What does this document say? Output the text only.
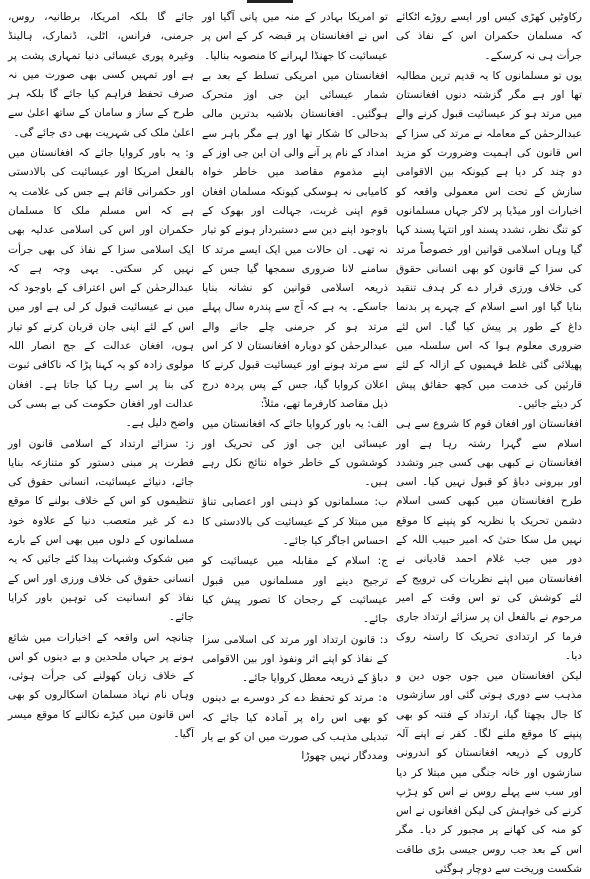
رکاوٹیں کھڑی کیس اور ایسے روڑے اٹکائے کہ مسلمان حکمران اس کے نفاذ کی جرأت ہی نہ کرسکے۔

یوں تو مسلمانوں کا یہ قدیم ترین مطالبہ تھا اور ہے مگر گزشتہ دنوں افغانستان میں مرتد ہو کر عیسائیت قبول کرنے والے عبدالرحمٰن کے معاملہ نے مرتد کی سزا کے اس قانون کی اہمیت وضرورت کو مزید دو چند کر دیا ہے کیونکہ بین الاقوامی سازش کے تحت اس معمولی واقعہ کو اخبارات اور میڈیا پر لاکر جہاں مسلمانوں کو تنگ نظر، تشدد پسند اور انتہا پسند کہا گیا وہاں اسلامی قوانین اور خصوصاً مرتد کی سزا کے قانون کو بھی انسانی حقوق کی خلاف ورزی قرار دے کر ہدف تنقید بنایا گیا اور اسے اسلام کے چہرے پر بدنما داغ کے طور پر پیش کیا گیا۔ اس لئے ضروری معلوم ہوا کہ اس سلسلہ میں پھیلائی گئی غلط فہمیوں کے ازالہ کے لئے قارئین کی خدمت میں کچھ حقائق پیش کر دیئے جائیں۔

افغانستان اور افغان قوم کا شروع سے ہی اسلام سے گہرا رشتہ رہا ہے اور افغانستان نے کبھی بھی کسی جبر وتشدد اور بیرونی دباؤ کو قبول نہیں کیا۔ اسی طرح افغانستان میں کبھی کسی اسلام دشمن تحریک یا نظریہ کو پنپنے کا موقع نہیں مل سکا حتیٰ کہ امیر حبیب اللہ کے دور میں جب غلام احمد قادیانی نے افغانستان میں اپنے نظریات کی ترویج کے لئے کوشش کی تو اس وقت کے امیر مرحوم نے بالفعل ان پر سزائے ارتداد جاری فرما کر ارتدادی تحریک کا راستہ روک دیا۔

لیکن افغانستان میں جوں جوں دین و مذہب سے دوری ہوتی گئی اور سازشوں کا جال بچھتا گیا، ارتداد کے فتنہ کو بھی پنپنے کا موقع ملنے لگا۔ کفر نے اپنے آلہ کاروں کے ذریعہ افغانستان کو اندرونی سازشوں اور خانہ جنگی میں مبتلا کر دیا اور سب سے پہلے روس نے اس کو ہڑپ کرنے کی خواہش کی لیکن افغانوں نے اس کو منہ کی کھانے پر مجبور کر دیا۔ مگر اس کے بعد جب روس جیسی بڑی طاقت شکست وریخت سے دوچار ہوگئی

تو امریکا بہادر کے منہ میں پانی آگیا اور اس نے افغانستان پر قبضہ کر کے اس پر عیسائیت کا جھنڈا لہرانے کا منصوبہ بنالیا۔

افغانستان میں امریکی تسلط کے بعد بے شمار عیسائی این جی اوز متحرک ہوگئیں۔ افغانستان بلاشبہ بدترین مالی بدحالی کا شکار تھا اور ہے مگر باہر سے امداد کے نام پر آنے والی ان این جی اوز کے اپنے مذموم مقاصد میں خاطر خواہ کامیابی نہ ہوسکی کیونکہ مسلمان افغان قوم اپنی غربت، جہالت اور بھوک کے باوجود اپنے دین سے دستبردار ہونے کو تیار نہ تھی۔ ان حالات میں ایک ایسے مرتد کا سامنے لانا ضروری سمجھا گیا جس کے ذریعہ اسلامی قوانین کو نشانہ بنایا جاسکے۔ یہ ہے کہ آج سے پندرہ سال پہلے مرتد ہو کر جرمنی چلے جانے والے عبدالرحمٰن کو دوبارہ افغانستان لا کر اس سے مرتد ہونے اور عیسائیت قبول کرنے کا اعلان کروایا گیا، جس کے پس پردہ درج ذیل مقاصد کارفرما تھے، مثلاً:

الف: یہ باور کروایا جائے کہ افغانستان میں عیسائی این جی اوز کی تحریک اور کوششوں کے خاطر خواہ نتائج نکل رہے ہیں۔

ب: مسلمانوں کو ذہنی اور اعصابی تناؤ میں مبتلا کر کے عیسائیت کی بالادستی کا احساس اجاگر کیا جائے۔

ج: اسلام کے مقابلہ میں عیسائیت کو ترجیح دینے اور مسلمانوں میں قبول عیسائیت کے رجحان کا تصور پیش کیا جائے۔

د: قانون ارتداد اور مرتد کی اسلامی سزا کے نفاذ کو اپنے اثر ونفوذ اور بین الاقوامی دباؤ کے ذریعہ معطل کروایا جائے۔

ہ: مرتد کو تحفظ دے کر دوسرے بے دینوں کو بھی اس راہ پر آمادہ کیا جائے کہ تبدیلی مذہب کی صورت میں ان کو بے یار ومددگار نہیں چھوڑا

جائے گا بلکہ امریکا، برطانیہ، روس، جرمنی، فرانس، اٹلی، ڈنمارک، ہالینڈ وغیرہ پوری عیسائی دنیا تمہاری پشت پر ہے اور تمہیں کسی بھی صورت میں نہ صرف تحفظ فراہم کیا جائے گا بلکہ ہر طرح کے ساز و سامان کے ساتھ اعلیٰ سے اعلیٰ ملک کی شہریت بھی دی جائے گی۔

و: یہ باور کروایا جائے کہ افغانستان میں بالفعل امریکا اور عیسائیت کی بالادستی اور حکمرانی قائم ہے جس کی علامت یہ ہے کہ اس مسلم ملک کا مسلمان حکمران اور اس کی اسلامی عدلیہ بھی ایک اسلامی سزا کے نفاذ کی بھی جرأت نہیں کر سکتی۔ یہی وجہ ہے کہ عبدالرحمٰن کے اس اعتراف کے باوجود کہ میں نے عیسائیت قبول کر لی ہے اور میں اس کے لئے اپنی جان قربان کرنے کو تیار ہوں، افغان عدالت کے جج انصار اللہ مولوی زادہ کو یہ کہنا پڑا کہ ناکافی ثبوت کی بنا پر اسے رہا کیا جاتا ہے۔ افغان عدالت اور افغان حکومت کی بے بسی کی واضح دلیل ہے۔

ز: سزائے ارتداد کے اسلامی قانون اور فطرت پر مبنی دستور کو متنازعہ بنایا جائے، دنیائے عیسائیت، انسانی حقوق کی تنظیموں کو اس کے خلاف بولنے کا موقع دے کر غیر متعصب دنیا کے علاوہ خود مسلمانوں کے دلوں میں بھی اس کے بارے میں شکوک وشبہات پیدا کئے جائیں کہ یہ انسانی حقوق کی خلاف ورزی اور اس کے نفاذ کو انسانیت کی توہین باور کرایا جائے۔

چنانچہ اس واقعہ کے اخبارات میں شائع ہونے پر جہاں ملحدین و بے دینوں کو اس کے خلاف زبان کھولنے کی جرأت ہوئی، وہاں نام نہاد مسلمان اسکالروں کو بھی اس قانون میں کیڑے نکالنے کا موقع میسر آگیا۔
